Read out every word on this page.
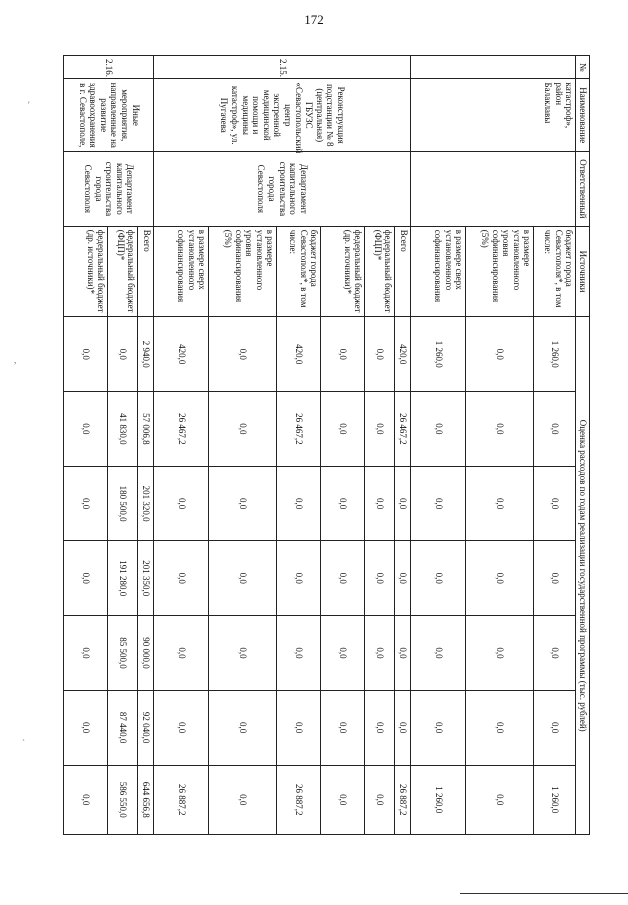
172
№	Наименование	Ответственный	Источники	Оценка расходов по годам реализации государственной программы (тыс. рублей)						
	катастроф», район Балаклавы		бюджет города Севастополя*, в том числе:	1 260,0	0,0	0,0	0,0	0,0	0,0	1 260,0
			в размере установленного уровня софинансирования (5%)	0,0	0,0	0,0	0,0	0,0	0,0	0,0
			в размере сверх установленного софинансирования	1 260,0	0,0	0,0	0,0	0,0	0,0	1 260,0
2.15.	Реконструкция подстанции № 8 (центральная) ГБУЗС «Севастопольский центр экстренной медицинской помощи и медицины катастроф», ул. Пугачева	Департамент капитального строительства города Севастополя	Всего	420,0	26 467,2	0,0	0,0	0,0	0,0	26 887,2
			федеральный бюджет (ФЦП)*	0,0	0,0	0,0	0,0	0,0	0,0	0,0
			федеральный бюджет (др. источники)*	0,0	0,0	0,0	0,0	0,0	0,0	0,0
			бюджет города Севастополя*, в том числе:	420,0	26 467,2	0,0	0,0	0,0	0,0	26 887,2
			в размере установленного уровня софинансирования (5%)	0,0	0,0	0,0	0,0	0,0	0,0	0,0
			в размере сверх установленного софинансирования	420,0	26 467,2	0,0	0,0	0,0	0,0	26 887,2
2.16.	Иные мероприятия, направленные на развитие здравоохранения в г. Севастополе,	Департамент капитального строительства города Севастополя	Всего	2 940,0	57 006,8	201 320,0	201 350,0	90 000,0	92 040,0	644 656,8
			федеральный бюджет (ФЦП)*	0,0	41 830,0	180 500,0	191 280,0	85 500,0	87 440,0	586 550,0
			федеральный бюджет (др. источники)*	0,0	0,0	0,0	0,0	0,0	0,0	0,0
'
,
`
